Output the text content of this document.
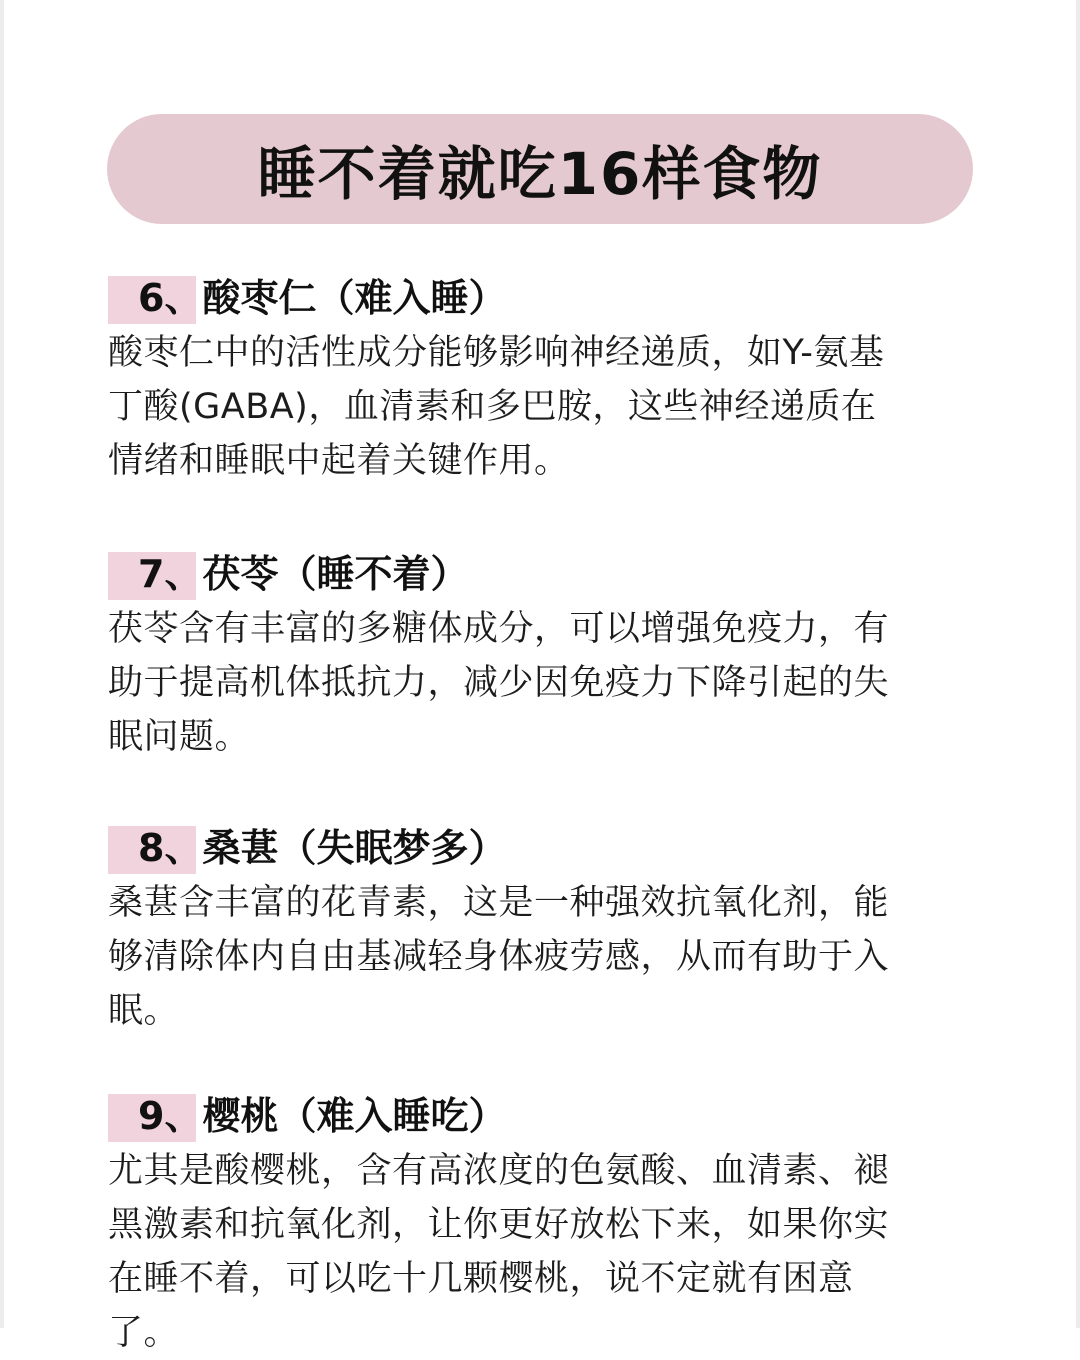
睡不着就吃16样食物
6、酸枣仁（难入睡）

酸枣仁中的活性成分能够影响神经递质，如Y-氨基
丁酸(GABA)，血清素和多巴胺，这些神经递质在
情绪和睡眠中起着关键作用。

7、茯苓（睡不着）

茯苓含有丰富的多糖体成分，可以增强免疫力，有
助于提高机体抵抗力，减少因免疫力下降引起的失
眠问题。

8、桑葚（失眠梦多）

桑葚含丰富的花青素，这是一种强效抗氧化剂，能
够清除体内自由基减轻身体疲劳感，从而有助于入
眠。

9、樱桃（难入睡吃）

尤其是酸樱桃，含有高浓度的色氨酸、血清素、褪
黑激素和抗氧化剂，让你更好放松下来，如果你实
在睡不着，可以吃十几颗樱桃，说不定就有困意
了。
